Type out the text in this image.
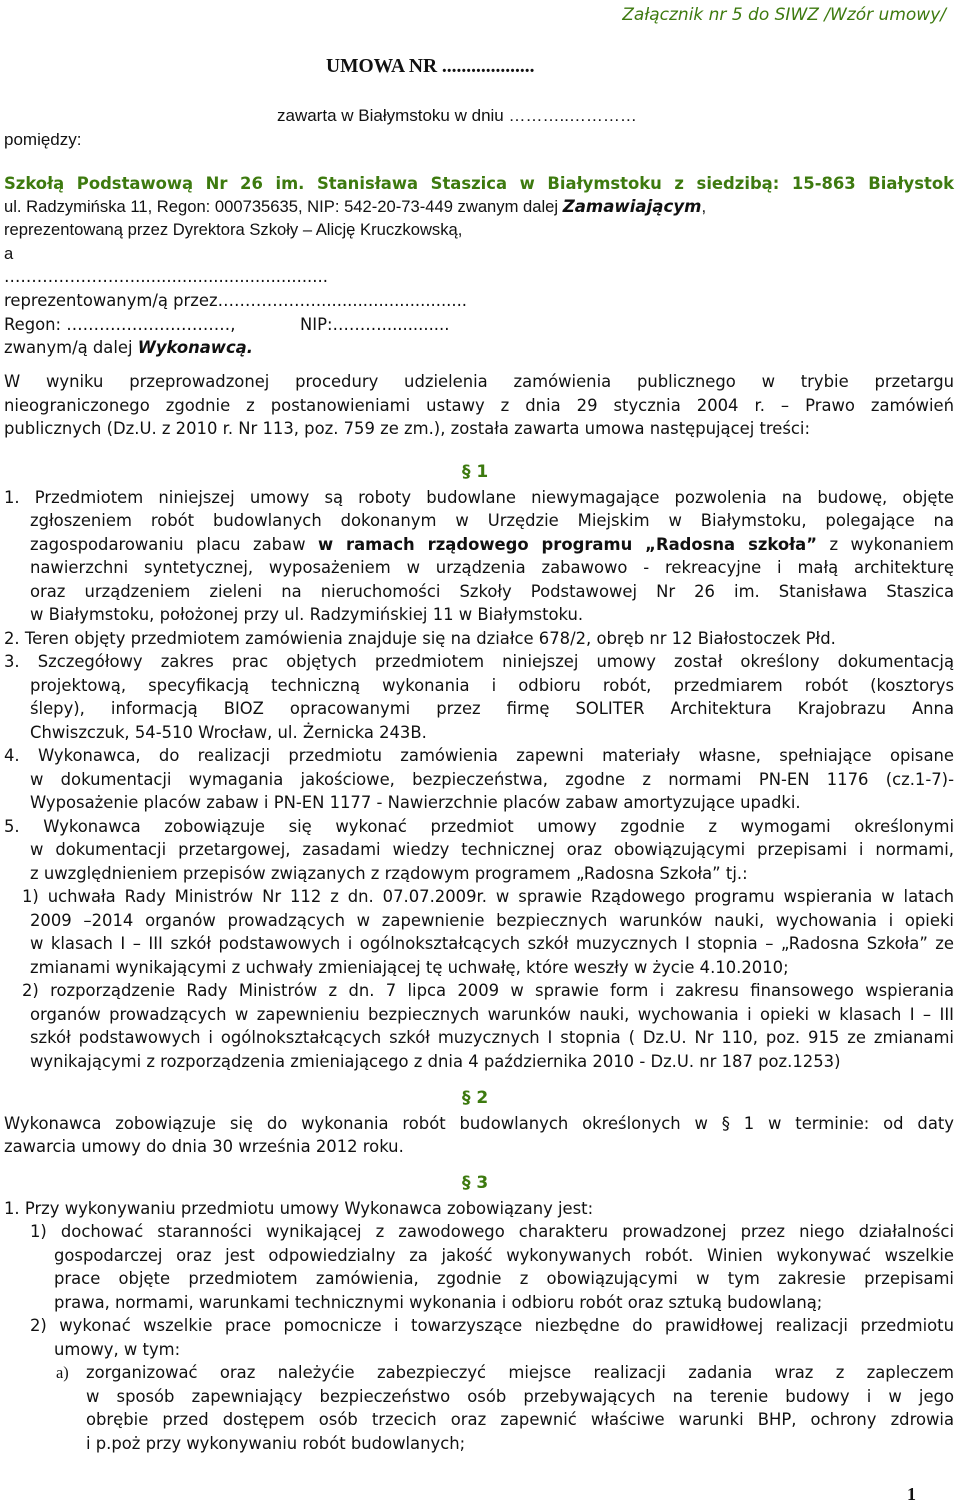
Załącznik nr 5 do SIWZ /Wzór umowy/
UMOWA NR ...................
zawarta w Białymstoku w dniu ………..…………
pomiędzy:
Szkołą Podstawową Nr 26 im. Stanisława Staszica w Białymstoku z siedzibą: 15-863 Białystok
ul. Radzymińska 11, Regon: 000735635, NIP: 542-20-73-449 zwanym dalej Zamawiającym,
reprezentowaną przez Dyrektora Szkoły – Alicję Kruczkowską,
a
…………………….....................................
reprezentowanym/ą przez……………….............................
Regon: …………………………,	NIP:……….............
zwanym/ą dalej Wykonawcą.
W wyniku przeprowadzonej procedury udzielenia zamówienia publicznego w trybie przetargu
nieograniczonego zgodnie z postanowieniami ustawy z dnia 29 stycznia 2004 r. – Prawo zamówień
publicznych (Dz.U. z 2010 r. Nr 113, poz. 759 ze zm.), została zawarta umowa następującej treści:
§ 1
1. Przedmiotem niniejszej umowy są roboty budowlane niewymagające pozwolenia na budowę, objęte
zgłoszeniem robót budowlanych dokonanym w Urzędzie Miejskim w Białymstoku, polegające na
zagospodarowaniu placu zabaw w ramach rządowego programu „Radosna szkoła” z wykonaniem
nawierzchni syntetycznej, wyposażeniem w urządzenia zabawowo - rekreacyjne i małą architekturę
oraz urządzeniem zieleni na nieruchomości Szkoły Podstawowej Nr 26 im. Stanisława Staszica
w Białymstoku, położonej przy ul. Radzymińskiej 11 w Białymstoku.
2. Teren objęty przedmiotem zamówienia znajduje się na działce 678/2, obręb nr 12 Białostoczek Płd.
3. Szczegółowy zakres prac objętych przedmiotem niniejszej umowy został określony dokumentacją
projektową, specyfikacją techniczną wykonania i odbioru robót, przedmiarem robót (kosztorys
ślepy), informacją BIOZ opracowanymi przez firmę SOLITER Architektura Krajobrazu Anna
Chwiszczuk, 54-510 Wrocław, ul. Żernicka 243B.
4. Wykonawca, do realizacji przedmiotu zamówienia zapewni materiały własne, spełniające opisane
w dokumentacji wymagania jakościowe, bezpieczeństwa, zgodne z normami PN-EN 1176 (cz.1-7)-
Wyposażenie placów zabaw i PN-EN 1177 - Nawierzchnie placów zabaw amortyzujące upadki.
5. Wykonawca zobowiązuje się wykonać przedmiot umowy zgodnie z wymogami określonymi
w dokumentacji przetargowej, zasadami wiedzy technicznej oraz obowiązującymi przepisami i normami,
z uwzględnieniem przepisów związanych z rządowym programem „Radosna Szkoła” tj.:
1) uchwała Rady Ministrów Nr 112 z dn. 07.07.2009r. w sprawie Rządowego programu wspierania w latach
2009 –2014 organów prowadzących w zapewnienie bezpiecznych warunków nauki, wychowania i opieki
w klasach I – III szkół podstawowych i ogólnokształcących szkół muzycznych I stopnia – „Radosna Szkoła” ze
zmianami wynikającymi z uchwały zmieniającej tę uchwałę, które weszły w życie 4.10.2010;
2) rozporządzenie Rady Ministrów z dn. 7 lipca 2009 w sprawie form i zakresu finansowego wspierania
organów prowadzących w zapewnieniu bezpiecznych warunków nauki, wychowania i opieki w klasach I – III
szkół podstawowych i ogólnokształcących szkół muzycznych I stopnia ( Dz.U. Nr 110, poz. 915 ze zmianami
wynikającymi z rozporządzenia zmieniającego z dnia 4 października 2010 - Dz.U. nr 187 poz.1253)
§ 2
Wykonawca zobowiązuje się do wykonania robót budowlanych określonych w § 1 w terminie: od daty
zawarcia umowy do dnia 30 września 2012 roku.
§ 3
1. Przy wykonywaniu przedmiotu umowy Wykonawca zobowiązany jest:
1) dochować staranności wynikającej z zawodowego charakteru prowadzonej przez niego działalności
gospodarczej oraz jest odpowiedzialny za jakość wykonywanych robót. Winien wykonywać wszelkie
prace objęte przedmiotem zamówienia, zgodnie z obowiązującymi w tym zakresie przepisami
prawa, normami, warunkami technicznymi wykonania i odbioru robót oraz sztuką budowlaną;
2) wykonać wszelkie prace pomocnicze i towarzyszące niezbędne do prawidłowej realizacji przedmiotu
umowy, w tym:
a) zorganizować oraz należyćie zabezpieczyć miejsce realizacji zadania wraz z zapleczem
w sposób zapewniający bezpieczeństwo osób przebywających na terenie budowy i w jego
obrębie przed dostępem osób trzecich oraz zapewnić właściwe warunki BHP, ochrony zdrowia
i p.poż przy wykonywaniu robót budowlanych;
1
